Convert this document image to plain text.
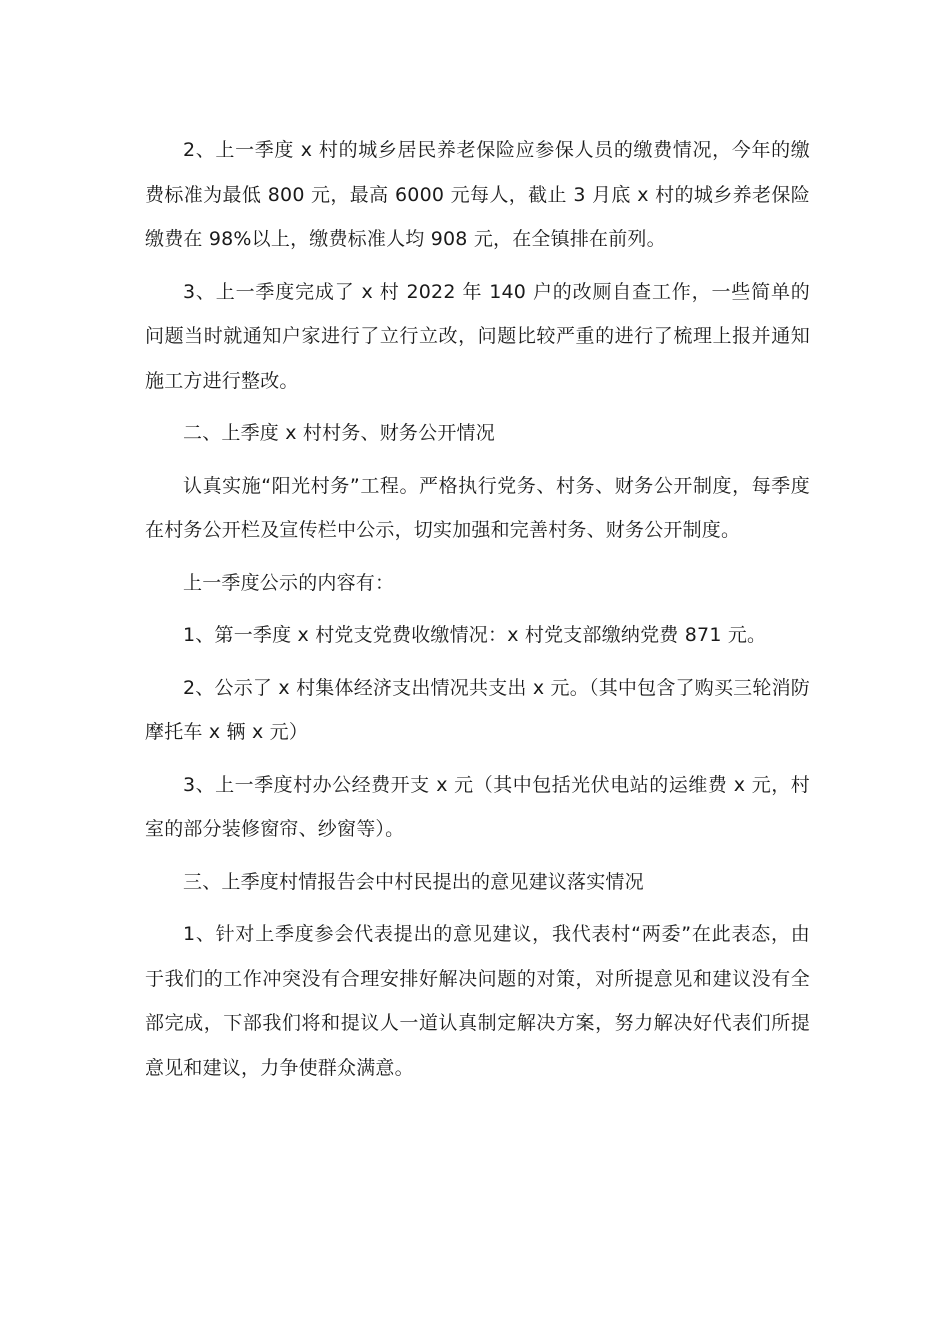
2、上一季度 x 村的城乡居民养老保险应参保人员的缴费情况，今年的缴费标准为最低 800 元，最高 6000 元每人，截止 3 月底 x 村的城乡养老保险缴费在 98%以上，缴费标准人均 908 元，在全镇排在前列。

3、上一季度完成了 x 村 2022 年 140 户的改厕自查工作，一些简单的问题当时就通知户家进行了立行立改，问题比较严重的进行了梳理上报并通知施工方进行整改。

二、上季度 x 村村务、财务公开情况

认真实施“阳光村务”工程。严格执行党务、村务、财务公开制度，每季度在村务公开栏及宣传栏中公示，切实加强和完善村务、财务公开制度。

上一季度公示的内容有：

1、第一季度 x 村党支党费收缴情况：x 村党支部缴纳党费 871 元。

2、公示了 x 村集体经济支出情况共支出 x 元。（其中包含了购买三轮消防摩托车 x 辆 x 元）

3、上一季度村办公经费开支 x 元（其中包括光伏电站的运维费 x 元，村室的部分装修窗帘、纱窗等）。

三、上季度村情报告会中村民提出的意见建议落实情况

1、针对上季度参会代表提出的意见建议，我代表村“两委”在此表态，由于我们的工作冲突没有合理安排好解决问题的对策，对所提意见和建议没有全部完成，下部我们将和提议人一道认真制定解决方案，努力解决好代表们所提意见和建议，力争使群众满意。
